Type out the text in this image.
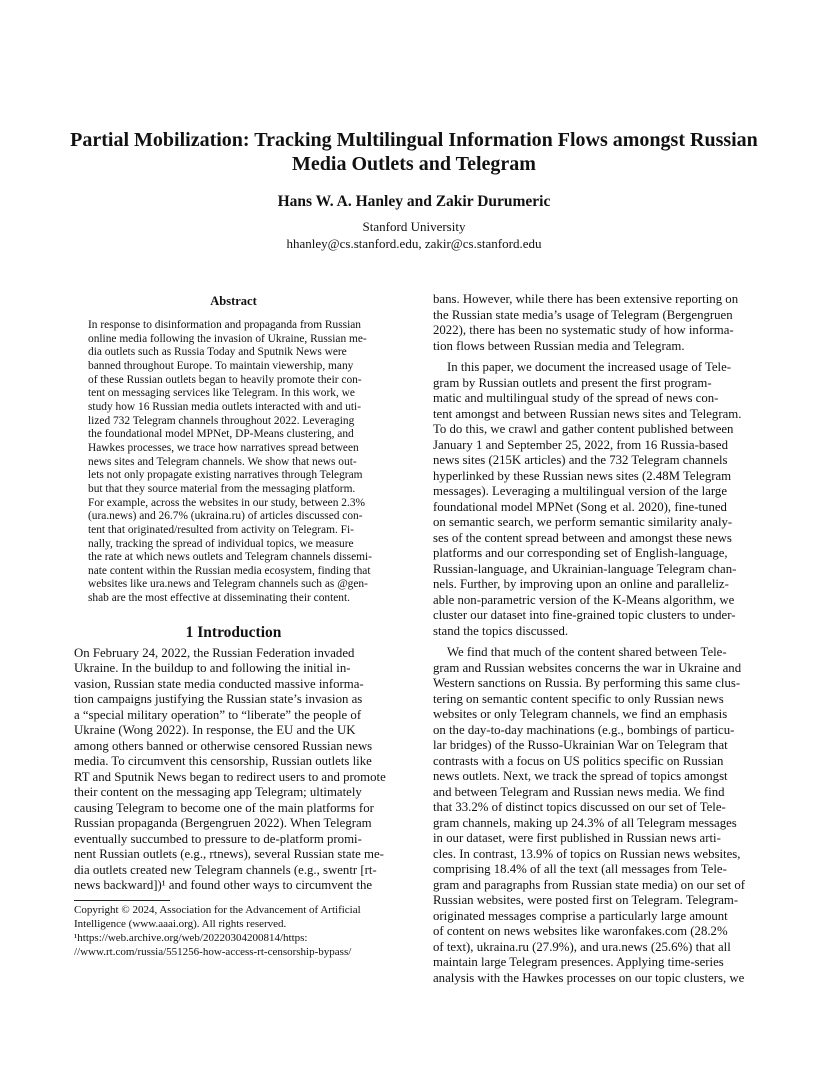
Partial Mobilization: Tracking Multilingual Information Flows amongst Russian
Media Outlets and Telegram
Hans W. A. Hanley and Zakir Durumeric
Stanford University
hhanley@cs.stanford.edu, zakir@cs.stanford.edu
Abstract
In response to disinformation and propaganda from Russian
online media following the invasion of Ukraine, Russian me-
dia outlets such as Russia Today and Sputnik News were
banned throughout Europe. To maintain viewership, many
of these Russian outlets began to heavily promote their con-
tent on messaging services like Telegram. In this work, we
study how 16 Russian media outlets interacted with and uti-
lized 732 Telegram channels throughout 2022. Leveraging
the foundational model MPNet, DP-Means clustering, and
Hawkes processes, we trace how narratives spread between
news sites and Telegram channels. We show that news out-
lets not only propagate existing narratives through Telegram
but that they source material from the messaging platform.
For example, across the websites in our study, between 2.3%
(ura.news) and 26.7% (ukraina.ru) of articles discussed con-
tent that originated/resulted from activity on Telegram. Fi-
nally, tracking the spread of individual topics, we measure
the rate at which news outlets and Telegram channels dissemi-
nate content within the Russian media ecosystem, finding that
websites like ura.news and Telegram channels such as @gen-
shab are the most effective at disseminating their content.
1 Introduction
On February 24, 2022, the Russian Federation invaded
Ukraine. In the buildup to and following the initial in-
vasion, Russian state media conducted massive informa-
tion campaigns justifying the Russian state’s invasion as
a “special military operation” to “liberate” the people of
Ukraine (Wong 2022). In response, the EU and the UK
among others banned or otherwise censored Russian news
media. To circumvent this censorship, Russian outlets like
RT and Sputnik News began to redirect users to and promote
their content on the messaging app Telegram; ultimately
causing Telegram to become one of the main platforms for
Russian propaganda (Bergengruen 2022). When Telegram
eventually succumbed to pressure to de-platform promi-
nent Russian outlets (e.g., rtnews), several Russian state me-
dia outlets created new Telegram channels (e.g., swentr [rt-
news backward])¹ and found other ways to circumvent the
Copyright © 2024, Association for the Advancement of Artificial
Intelligence (www.aaai.org). All rights reserved.
¹https://web.archive.org/web/20220304200814/https:
//www.rt.com/russia/551256-how-access-rt-censorship-bypass/
bans. However, while there has been extensive reporting on
the Russian state media’s usage of Telegram (Bergengruen
2022), there has been no systematic study of how informa-
tion flows between Russian media and Telegram.
In this paper, we document the increased usage of Tele-
gram by Russian outlets and present the first program-
matic and multilingual study of the spread of news con-
tent amongst and between Russian news sites and Telegram.
To do this, we crawl and gather content published between
January 1 and September 25, 2022, from 16 Russia-based
news sites (215K articles) and the 732 Telegram channels
hyperlinked by these Russian news sites (2.48M Telegram
messages). Leveraging a multilingual version of the large
foundational model MPNet (Song et al. 2020), fine-tuned
on semantic search, we perform semantic similarity analy-
ses of the content spread between and amongst these news
platforms and our corresponding set of English-language,
Russian-language, and Ukrainian-language Telegram chan-
nels. Further, by improving upon an online and paralleliz-
able non-parametric version of the K-Means algorithm, we
cluster our dataset into fine-grained topic clusters to under-
stand the topics discussed.
We find that much of the content shared between Tele-
gram and Russian websites concerns the war in Ukraine and
Western sanctions on Russia. By performing this same clus-
tering on semantic content specific to only Russian news
websites or only Telegram channels, we find an emphasis
on the day-to-day machinations (e.g., bombings of particu-
lar bridges) of the Russo-Ukrainian War on Telegram that
contrasts with a focus on US politics specific on Russian
news outlets. Next, we track the spread of topics amongst
and between Telegram and Russian news media. We find
that 33.2% of distinct topics discussed on our set of Tele-
gram channels, making up 24.3% of all Telegram messages
in our dataset, were first published in Russian news arti-
cles. In contrast, 13.9% of topics on Russian news websites,
comprising 18.4% of all the text (all messages from Tele-
gram and paragraphs from Russian state media) on our set of
Russian websites, were posted first on Telegram. Telegram-
originated messages comprise a particularly large amount
of content on news websites like waronfakes.com (28.2%
of text), ukraina.ru (27.9%), and ura.news (25.6%) that all
maintain large Telegram presences. Applying time-series
analysis with the Hawkes processes on our topic clusters, we
